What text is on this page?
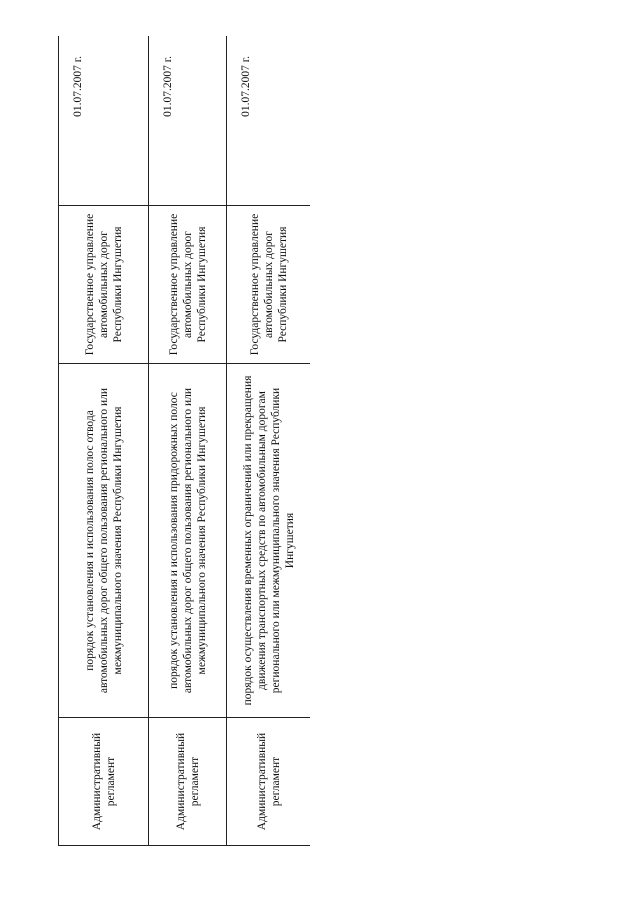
Административный регламент	порядок установления и использования полос отвода автомобильных дорог общего пользования регионального или межмуниципального значения Республики Ингушетия	Государственное управление автомобильных дорог Республики Ингушетия	01.07.2007 г.
Административный регламент	порядок установления и использования придорожных полос автомобильных дорог общего пользования регионального или межмуниципального значения Республики Ингушетия	Государственное управление автомобильных дорог Республики Ингушетия	01.07.2007 г.
Административный регламент	порядок осуществления временных ограничений или прекращения движения транспортных средств по автомобильным дорогам регионального или межмуниципального значения Республики Ингушетия	Государственное управление автомобильных дорог Республики Ингушетия	01.07.2007 г.
